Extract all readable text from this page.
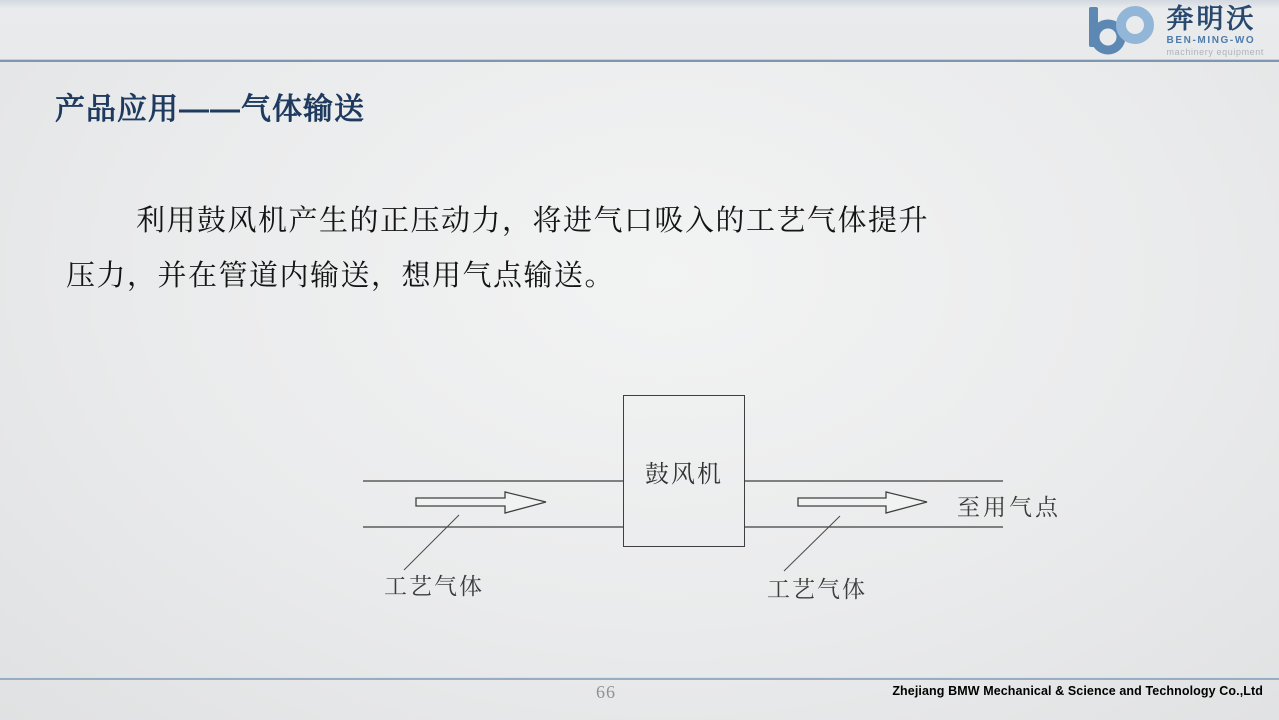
奔明沃
BEN-MING-WO
machinery equipment
产品应用——气体输送
利用鼓风机产生的正压动力，将进气口吸入的工艺气体提升
压力，并在管道内输送，想用气点输送。
鼓风机
工艺气体	工艺气体
至用气点
66	Zhejiang BMW Mechanical & Science and Technology Co.,Ltd
